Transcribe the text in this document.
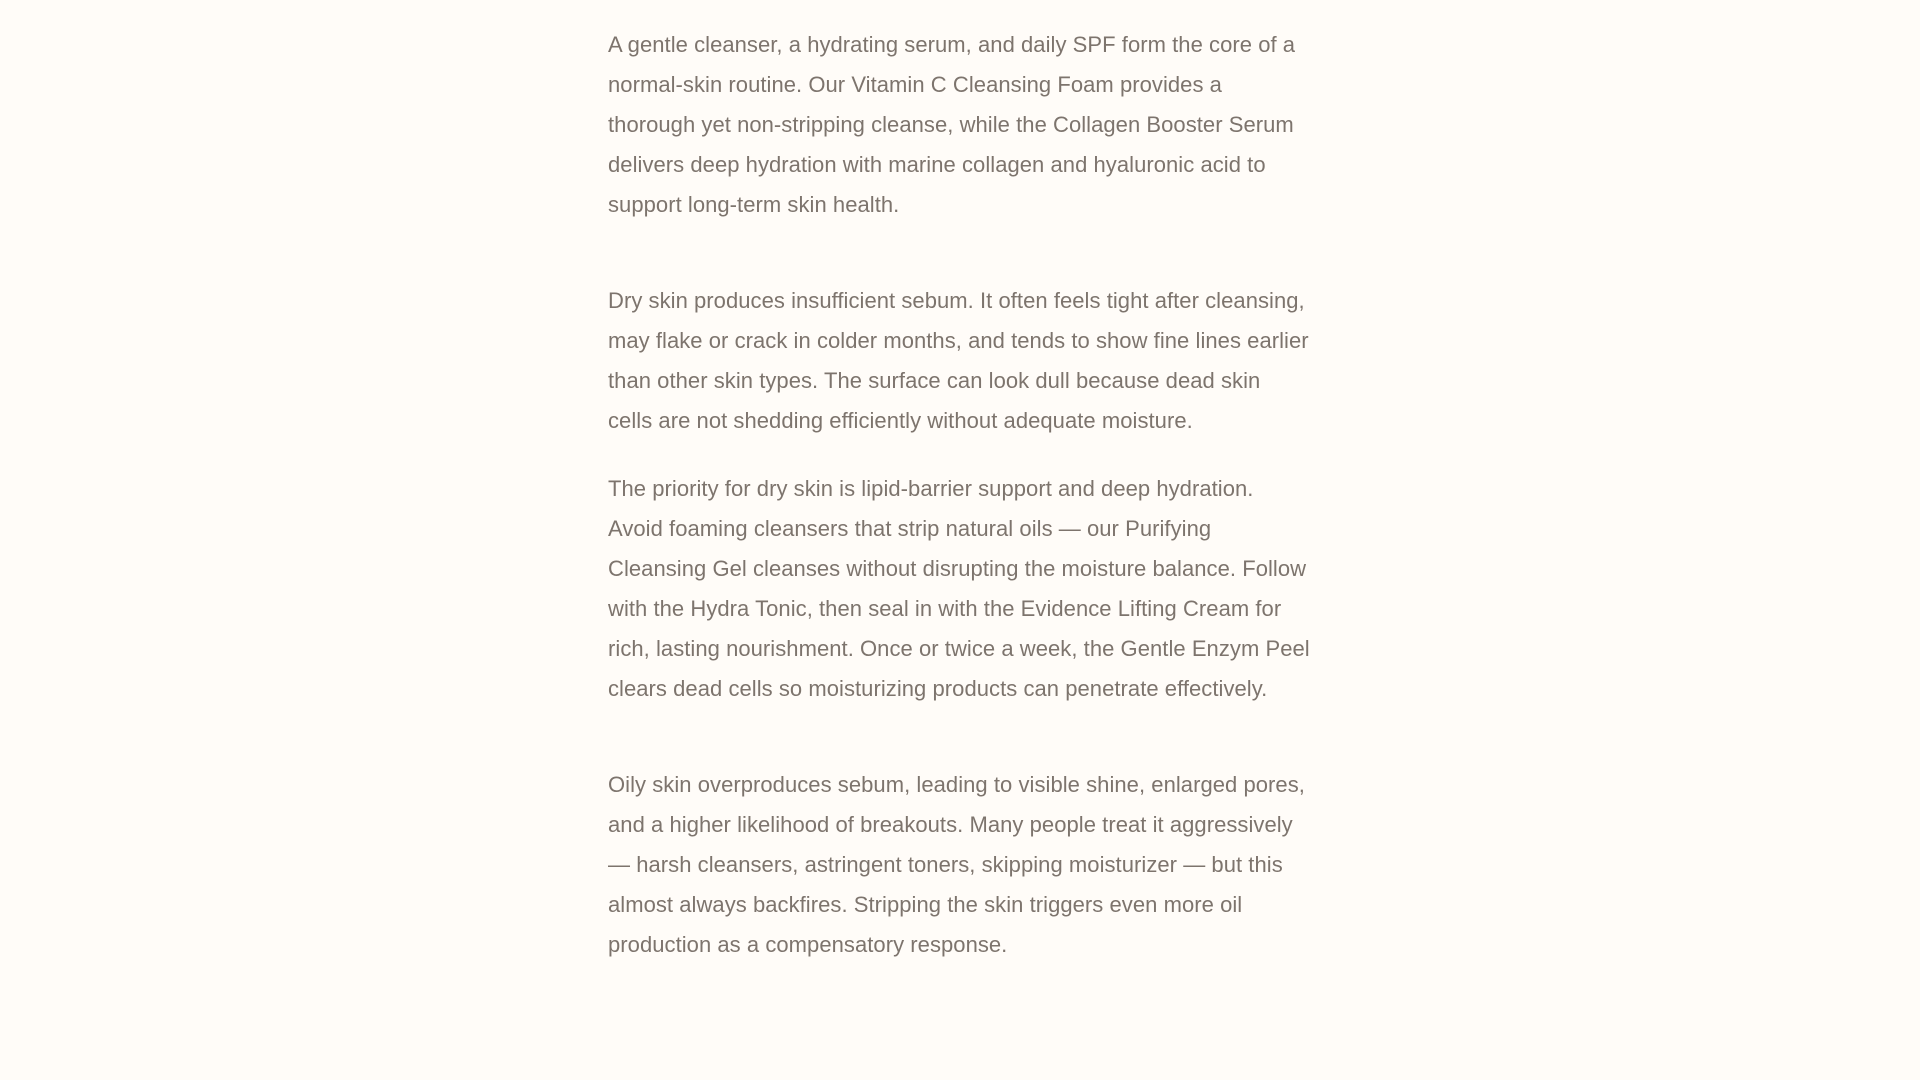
A gentle cleanser, a hydrating serum, and daily SPF form the core of a normal-skin routine. Our Vitamin C Cleansing Foam provides a thorough yet non-stripping cleanse, while the Collagen Booster Serum delivers deep hydration with marine collagen and hyaluronic acid to support long-term skin health.

Dry skin produces insufficient sebum. It often feels tight after cleansing, may flake or crack in colder months, and tends to show fine lines earlier than other skin types. The surface can look dull because dead skin cells are not shedding efficiently without adequate moisture.

The priority for dry skin is lipid-barrier support and deep hydration. Avoid foaming cleansers that strip natural oils — our Purifying Cleansing Gel cleanses without disrupting the moisture balance. Follow with the Hydra Tonic, then seal in with the Evidence Lifting Cream for rich, lasting nourishment. Once or twice a week, the Gentle Enzym Peel clears dead cells so moisturizing products can penetrate effectively.

Oily skin overproduces sebum, leading to visible shine, enlarged pores, and a higher likelihood of breakouts. Many people treat it aggressively — harsh cleansers, astringent toners, skipping moisturizer — but this almost always backfires. Stripping the skin triggers even more oil production as a compensatory response.
